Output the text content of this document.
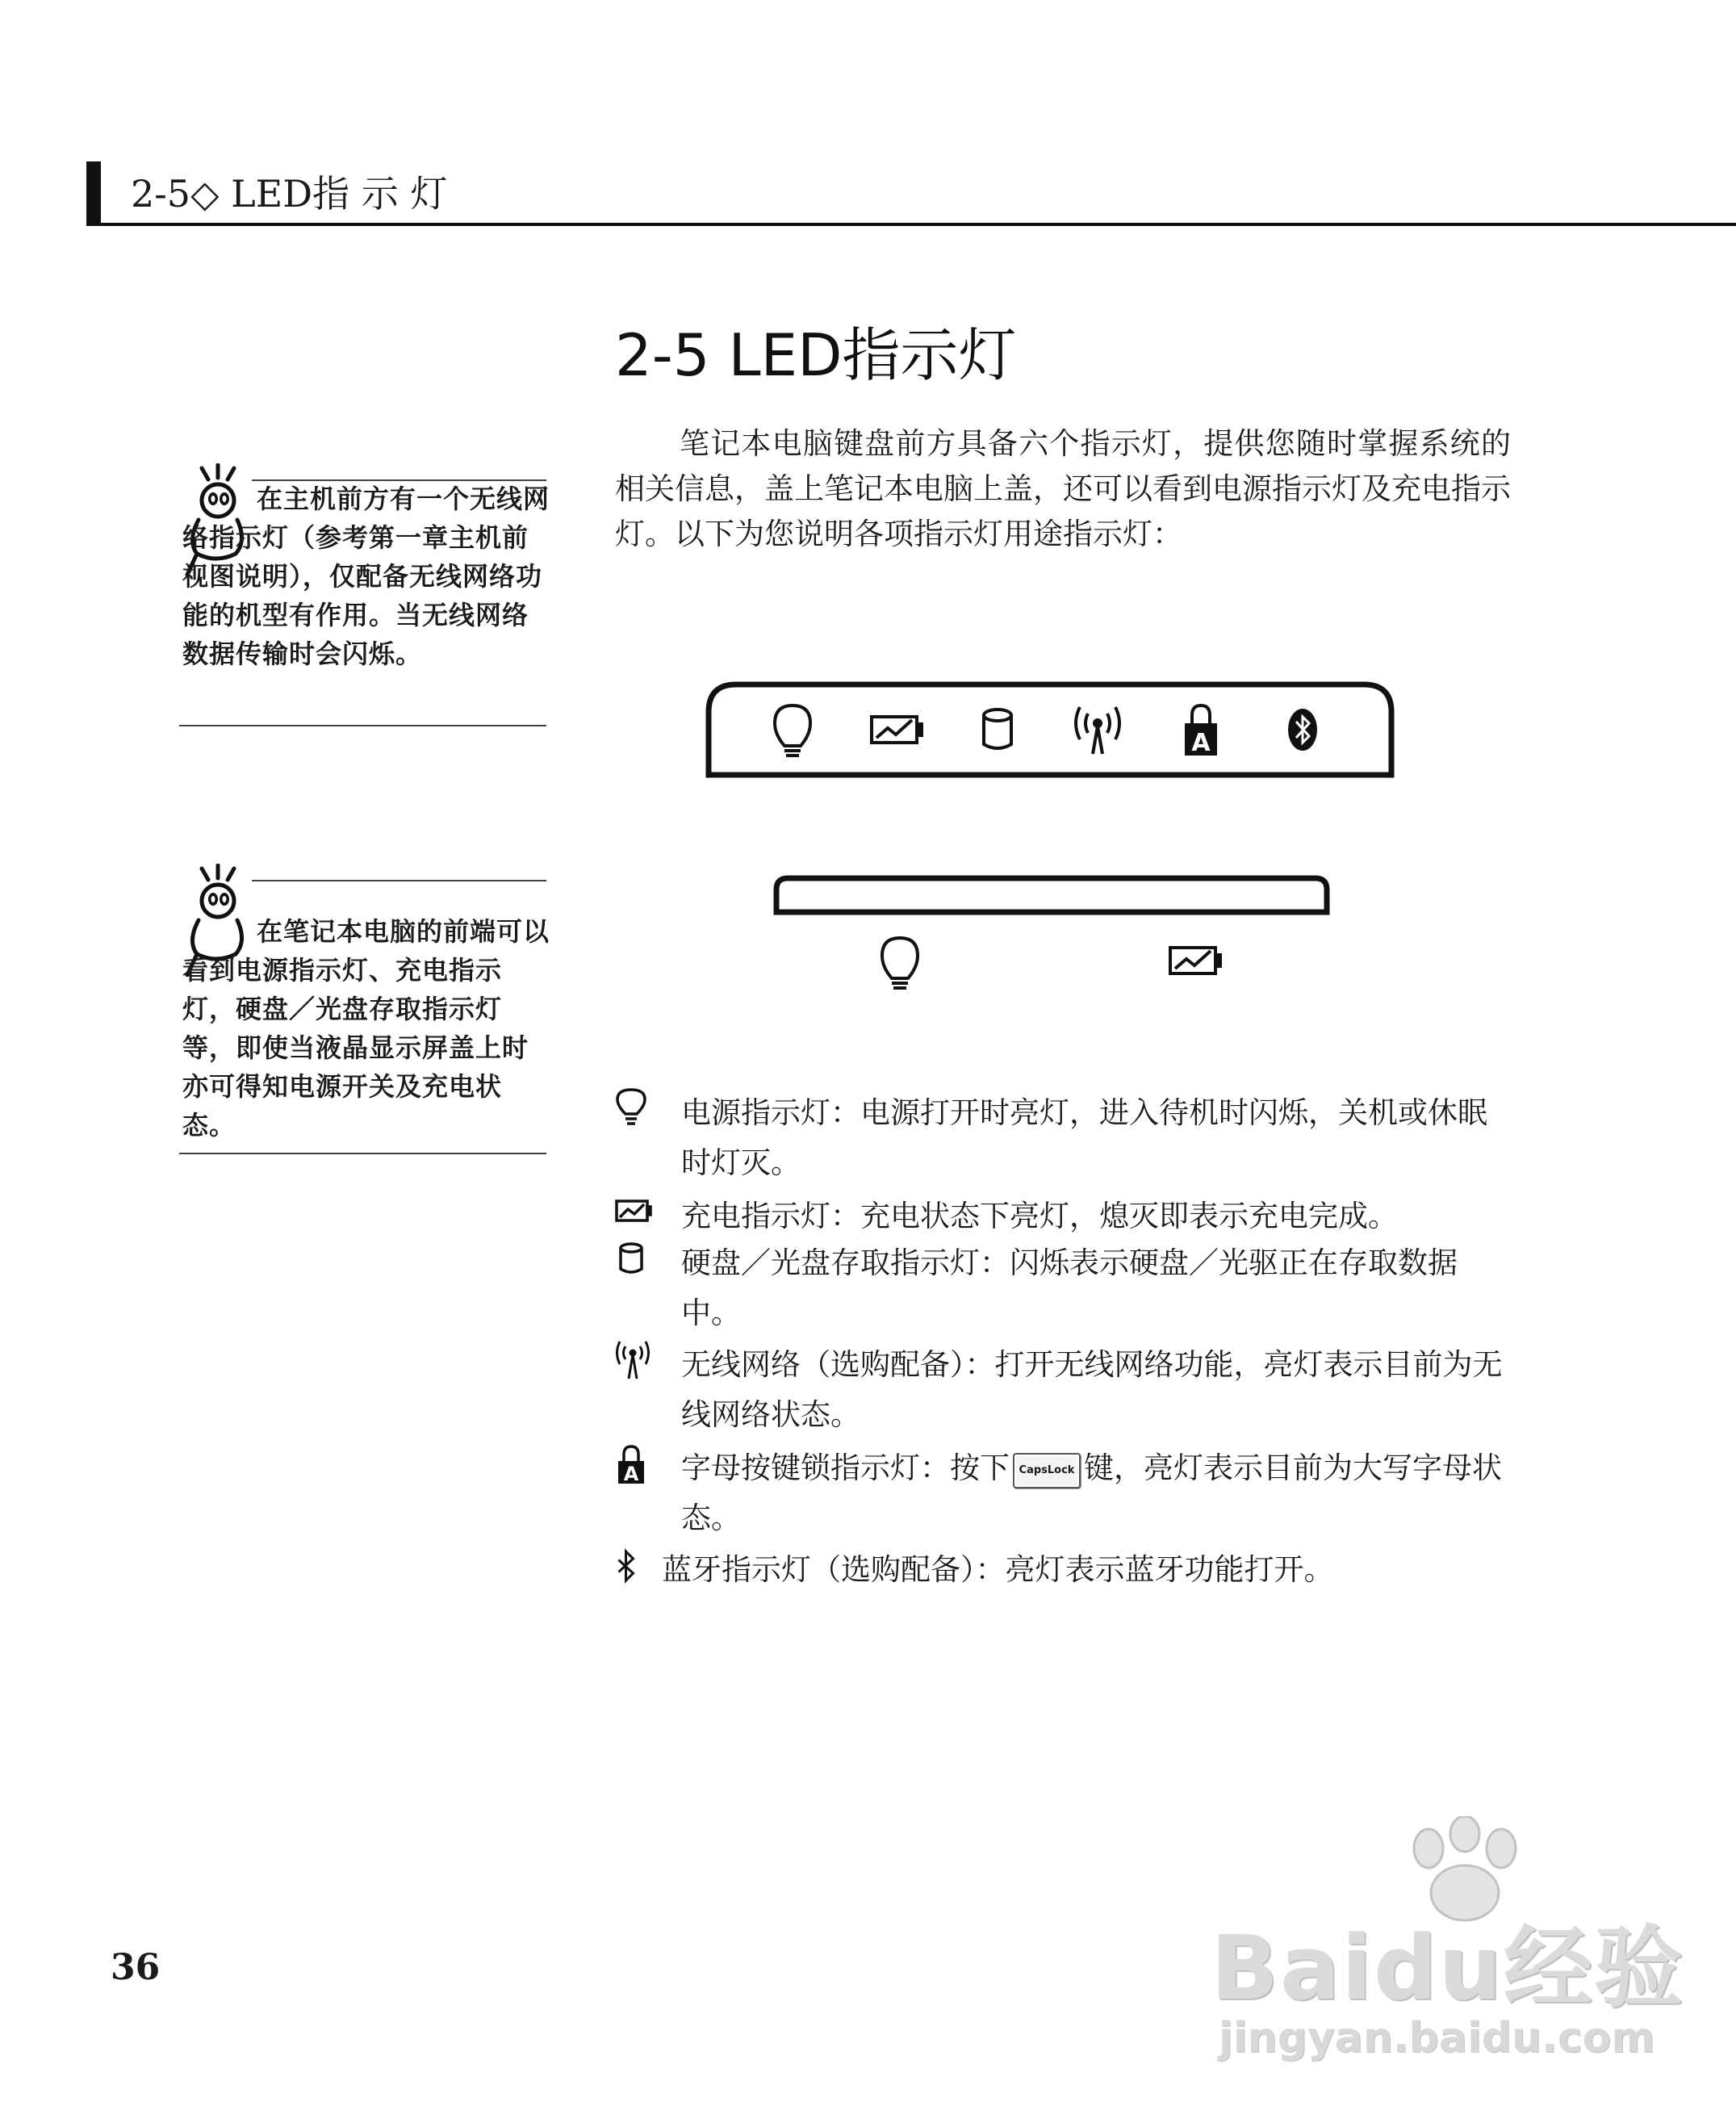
2-5◇ LED指 示 灯
2-5 LED指示灯
笔记本电脑键盘前方具备六个指示灯，提供您随时掌握系统的相关信息，盖上笔记本电脑上盖，还可以看到电源指示灯及充电指示灯。以下为您说明各项指示灯用途指示灯：

在主机前方有一个无线网络指示灯（参考第一章主机前视图说明），仅配备无线网络功能的机型有作用。当无线网络数据传输时会闪烁。

在笔记本电脑的前端可以看到电源指示灯、充电指示灯，硬盘／光盘存取指示灯等，即使当液晶显示屏盖上时亦可得知电源开关及充电状态。

A

电源指示灯：电源打开时亮灯，进入待机时闪烁，关机或休眠时灯灭。

充电指示灯：充电状态下亮灯，熄灭即表示充电完成。

硬盘／光盘存取指示灯：闪烁表示硬盘／光驱正在存取数据中。

无线网络（选购配备）：打开无线网络功能，亮灯表示目前为无线网络状态。

A 字母按键锁指示灯：按下 CapsLock 键，亮灯表示目前为大写字母状态。

蓝牙指示灯（选购配备）：亮灯表示蓝牙功能打开。

36	Baidu经验
jingyan.baidu.com
